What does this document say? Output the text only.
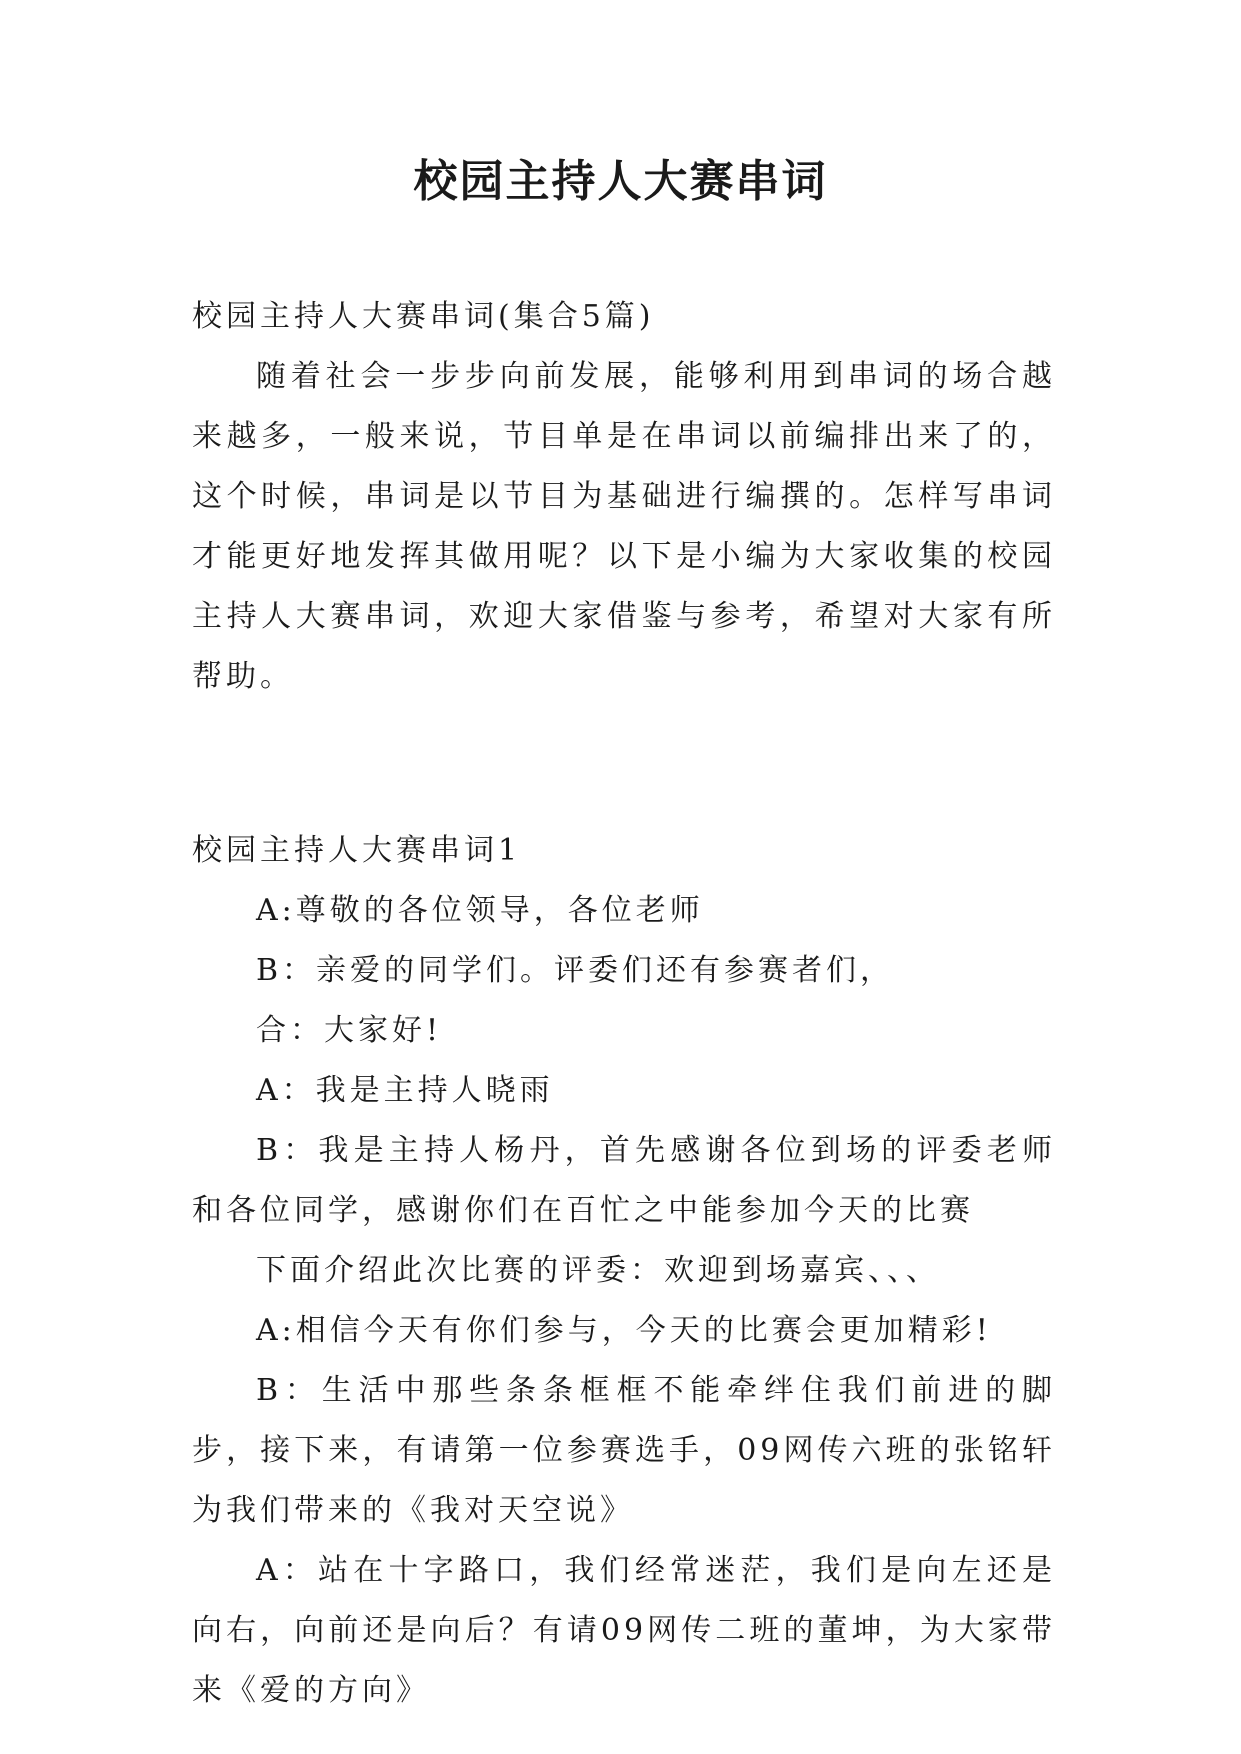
校园主持人大赛串词

校园主持人大赛串词(集合5篇)

随着社会一步步向前发展，能够利用到串词的场合越来越多，一般来说，节目单是在串词以前编排出来了的，这个时候，串词是以节目为基础进行编撰的。怎样写串词才能更好地发挥其做用呢？以下是小编为大家收集的校园主持人大赛串词，欢迎大家借鉴与参考，希望对大家有所帮助。

校园主持人大赛串词1

A:尊敬的各位领导，各位老师

B：亲爱的同学们。评委们还有参赛者们，

合：大家好!

A：我是主持人晓雨

B：我是主持人杨丹，首先感谢各位到场的评委老师和各位同学，感谢你们在百忙之中能参加今天的比赛

下面介绍此次比赛的评委：欢迎到场嘉宾、、、

A:相信今天有你们参与，今天的比赛会更加精彩!

B：生活中那些条条框框不能牵绊住我们前进的脚步，接下来，有请第一位参赛选手，09网传六班的张铭轩为我们带来的《我对天空说》

A：站在十字路口，我们经常迷茫，我们是向左还是向右，向前还是向后？有请09网传二班的董坤，为大家带来《爱的方向》
